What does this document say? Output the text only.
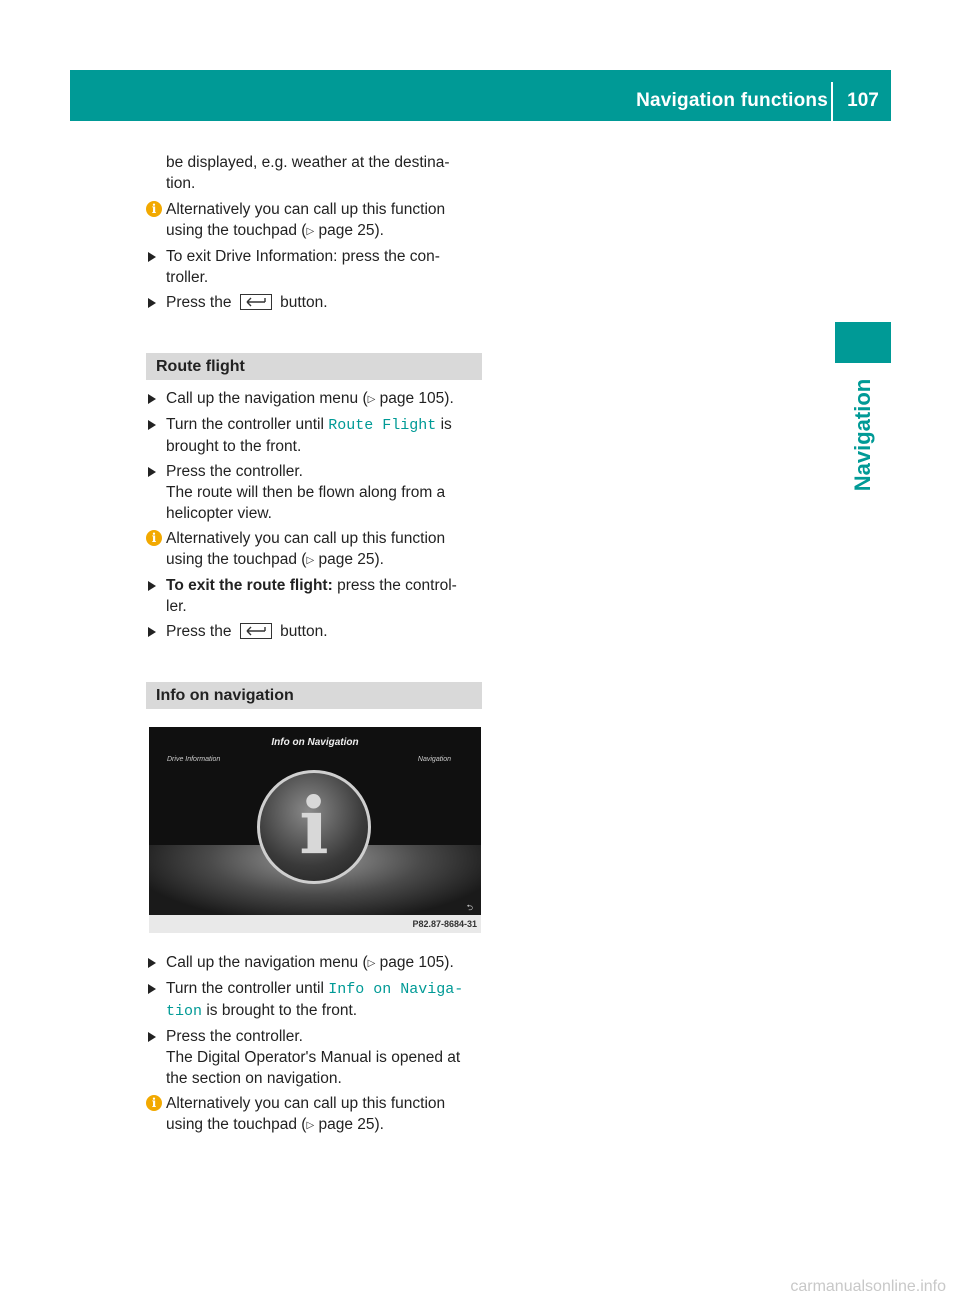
Navigation functions	107
Navigation
be displayed, e.g. weather at the destina-
tion.
i Alternatively you can call up this function
using the touchpad (▷ page 25).
To exit Drive Information: press the con-
troller.
Press the	button.
Route flight
Call up the navigation menu (▷ page 105).
Turn the controller until Route Flight is
brought to the front.
Press the controller.
The route will then be flown along from a
helicopter view.
i Alternatively you can call up this function
using the touchpad (▷ page 25).
To exit the route flight: press the control-
ler.
Press the	button.
Info on navigation
Info on Navigation
Drive Information	Navigation
i
⮌
P82.87-8684-31
Call up the navigation menu (▷ page 105).
Turn the controller until Info on Naviga‑
tion is brought to the front.
Press the controller.
The Digital Operator's Manual is opened at
the section on navigation.
i Alternatively you can call up this function
using the touchpad (▷ page 25).
carmanualsonline.info
